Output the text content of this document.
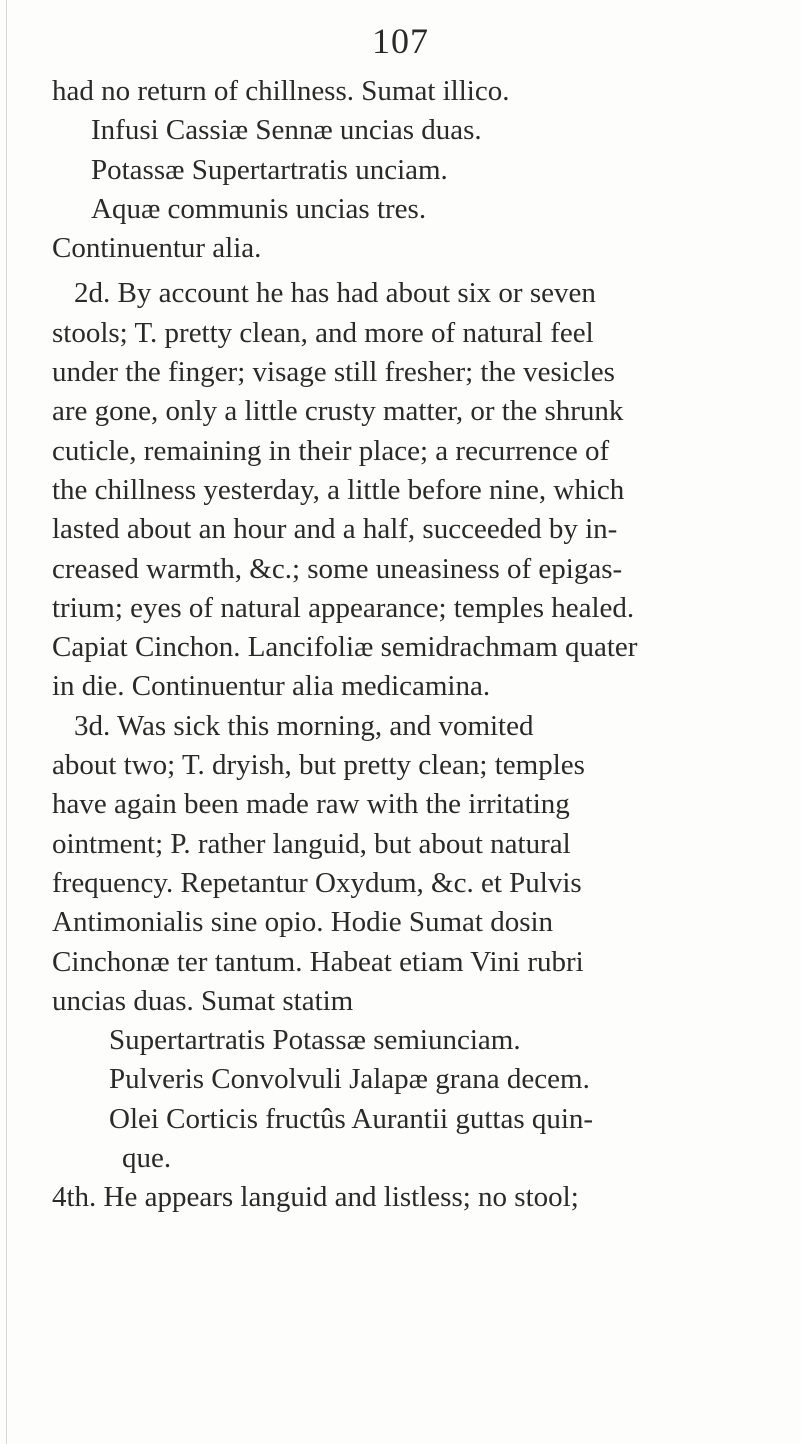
107
had no return of chillness. Sumat illico.
Infusi Cassiæ Sennæ uncias duas.
Potassæ Supertartratis unciam.
Aquæ communis uncias tres.
Continuentur alia.
2d. By account he has had about six or seven
stools; T. pretty clean, and more of natural feel
under the finger; visage still fresher; the vesicles
are gone, only a little crusty matter, or the shrunk
cuticle, remaining in their place; a recurrence of
the chillness yesterday, a little before nine, which
lasted about an hour and a half, succeeded by in-
creased warmth, &c.; some uneasiness of epigas-
trium; eyes of natural appearance; temples healed.
Capiat Cinchon. Lancifoliæ semidrachmam quater
in die. Continuentur alia medicamina.
3d. Was sick this morning, and vomited
about two; T. dryish, but pretty clean; temples
have again been made raw with the irritating
ointment; P. rather languid, but about natural
frequency. Repetantur Oxydum, &c. et Pulvis
Antimonialis sine opio. Hodie Sumat dosin
Cinchonæ ter tantum. Habeat etiam Vini rubri
uncias duas. Sumat statim
Supertartratis Potassæ semiunciam.
Pulveris Convolvuli Jalapæ grana decem.
Olei Corticis fructûs Aurantii guttas quin-
que.
4th. He appears languid and listless; no stool;
